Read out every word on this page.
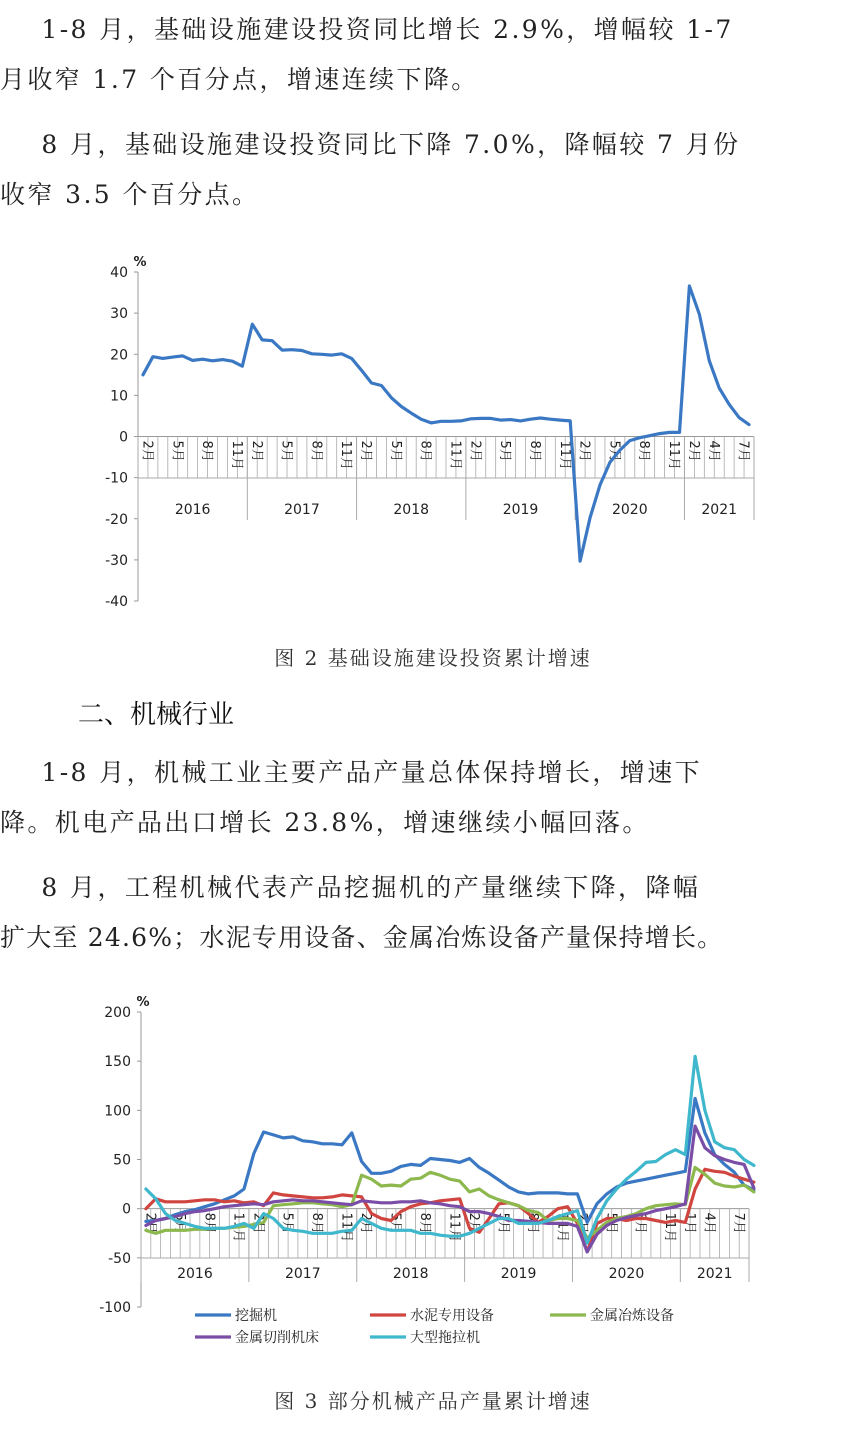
1-8 月，基础设施建设投资同比增长 2.9%，增幅较 1-7
月收窄 1.7 个百分点，增速连续下降。
8 月，基础设施建设投资同比下降 7.0%，降幅较 7 月份
收窄 3.5 个百分点。
40
30
20
10
0
-10
-20
-30
-40
%
2016	2017	2018	2019	2020	2021
2月 5月 8月 11月 2月 5月 8月 11月 2月 5月 8月 11月 2月 5月 8月 11月 2月 5月 8月 11月 2月 4月 7月
图 2 基础设施建设投资累计增速
二、机械行业
1-8 月，机械工业主要产品产量总体保持增长，增速下
降。机电产品出口增长 23.8%，增速继续小幅回落。
8 月，工程机械代表产品挖掘机的产量继续下降，降幅
扩大至 24.6%；水泥专用设备、金属冶炼设备产量保持增长。
200
150
100
50
0
-50
-100
%
2016	2017	2018	2019	2020	2021
2月 5月 8月 11月 2月 5月 8月 11月 2月 5月 8月 11月 2月 5月 8月 11月 2月 5月 8月 11月 1月 4月 7月
挖掘机	水泥专用设备	金属冶炼设备
金属切削机床	大型拖拉机
图 3 部分机械产品产量累计增速
